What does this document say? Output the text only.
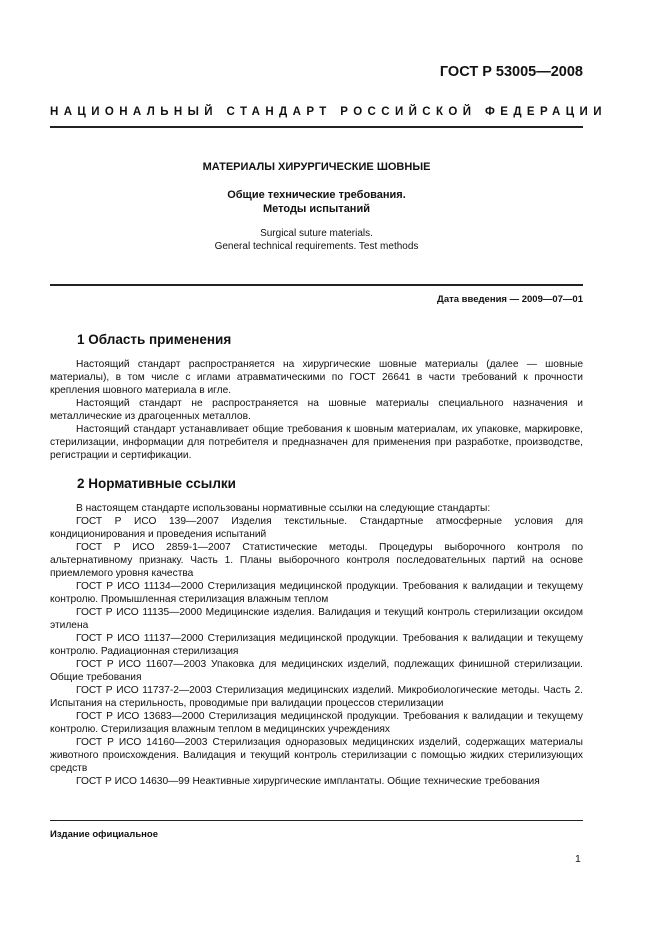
ГОСТ Р 53005—2008
НАЦИОНАЛЬНЫЙ СТАНДАРТ РОССИЙСКОЙ ФЕДЕРАЦИИ
МАТЕРИАЛЫ ХИРУРГИЧЕСКИЕ ШОВНЫЕ
Общие технические требования.
Методы испытаний
Surgical suture materials.
General technical requirements. Test methods
Дата введения — 2009—07—01
1 Область применения

Настоящий стандарт распространяется на хирургические шовные материалы (далее — шовные материалы), в том числе с иглами атравматическими по ГОСТ 26641 в части требований к прочности крепления шовного материала в игле.

Настоящий стандарт не распространяется на шовные материалы специального назначения и металлические из драгоценных металлов.

Настоящий стандарт устанавливает общие требования к шовным материалам, их упаковке, маркировке, стерилизации, информации для потребителя и предназначен для применения при разработке, производстве, регистрации и сертификации.

2 Нормативные ссылки

В настоящем стандарте использованы нормативные ссылки на следующие стандарты:

ГОСТ Р ИСО 139—2007 Изделия текстильные. Стандартные атмосферные условия для кондиционирования и проведения испытаний

ГОСТ Р ИСО 2859-1—2007 Статистические методы. Процедуры выборочного контроля по альтернативному признаку. Часть 1. Планы выборочного контроля последовательных партий на основе приемлемого уровня качества

ГОСТ Р ИСО 11134—2000 Стерилизация медицинской продукции. Требования к валидации и текущему контролю. Промышленная стерилизация влажным теплом

ГОСТ Р ИСО 11135—2000 Медицинские изделия. Валидация и текущий контроль стерилизации оксидом этилена

ГОСТ Р ИСО 11137—2000 Стерилизация медицинской продукции. Требования к валидации и текущему контролю. Радиационная стерилизация

ГОСТ Р ИСО 11607—2003 Упаковка для медицинских изделий, подлежащих финишной стерилизации. Общие требования

ГОСТ Р ИСО 11737-2—2003 Стерилизация медицинских изделий. Микробиологические методы. Часть 2. Испытания на стерильность, проводимые при валидации процессов стерилизации

ГОСТ Р ИСО 13683—2000 Стерилизация медицинской продукции. Требования к валидации и текущему контролю. Стерилизация влажным теплом в медицинских учреждениях

ГОСТ Р ИСО 14160—2003 Стерилизация одноразовых медицинских изделий, содержащих материалы животного происхождения. Валидация и текущий контроль стерилизации с помощью жидких стерилизующих средств

ГОСТ Р ИСО 14630—99 Неактивные хирургические имплантаты. Общие технические требования

Издание официальное
1
